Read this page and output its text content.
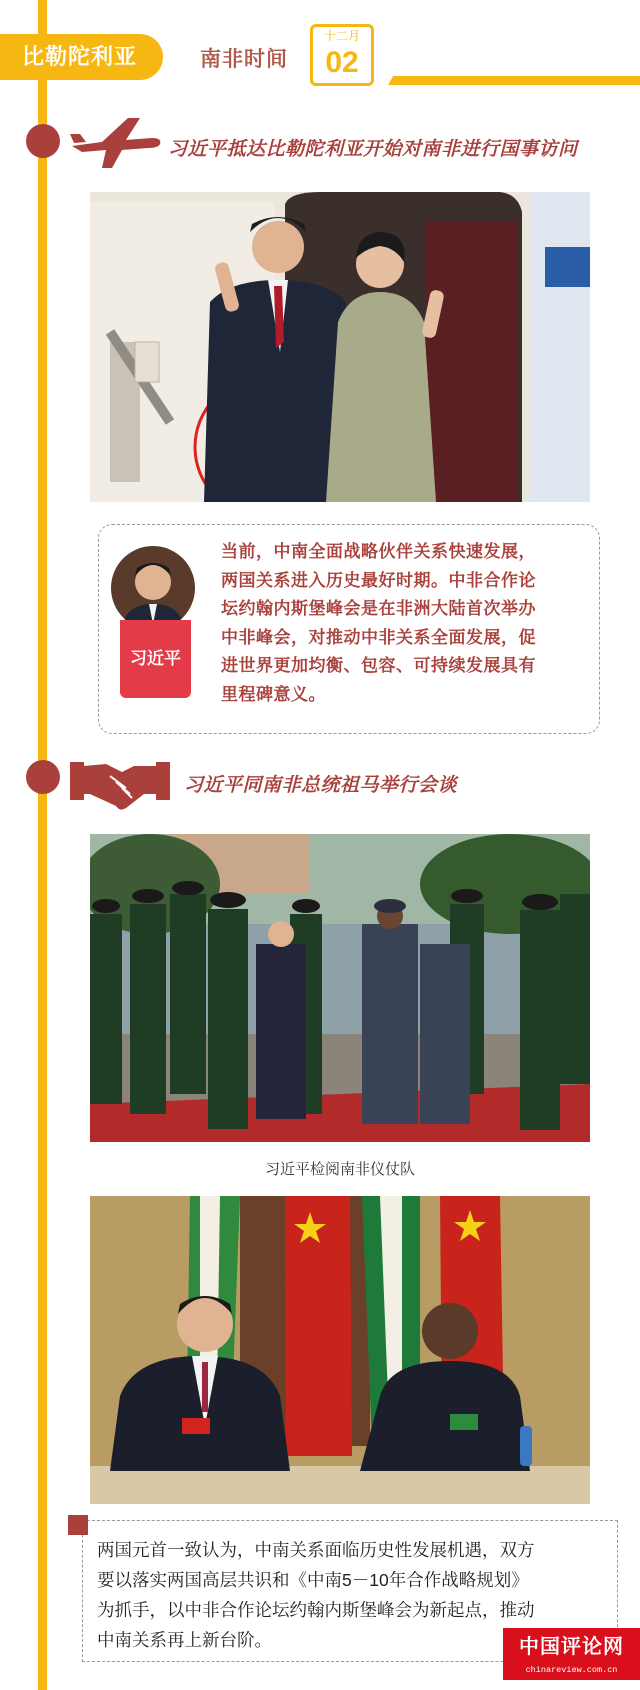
比勒陀利亚	南非时间
十二月
02
习近平抵达比勒陀利亚开始对南非进行国事访问
习近平
当前，中南全面战略伙伴关系快速发展，
两国关系进入历史最好时期。中非合作论
坛约翰内斯堡峰会是在非洲大陆首次举办
中非峰会，对推动中非关系全面发展，促
进世界更加均衡、包容、可持续发展具有
里程碑意义。
习近平同南非总统祖马举行会谈
习近平检阅南非仪仗队
两国元首一致认为，中南关系面临历史性发展机遇，双方
要以落实两国高层共识和《中南5－10年合作战略规划》
为抓手，以中非合作论坛约翰内斯堡峰会为新起点，推动
中南关系再上新台阶。	中国评论网
chinareview.com.cn
